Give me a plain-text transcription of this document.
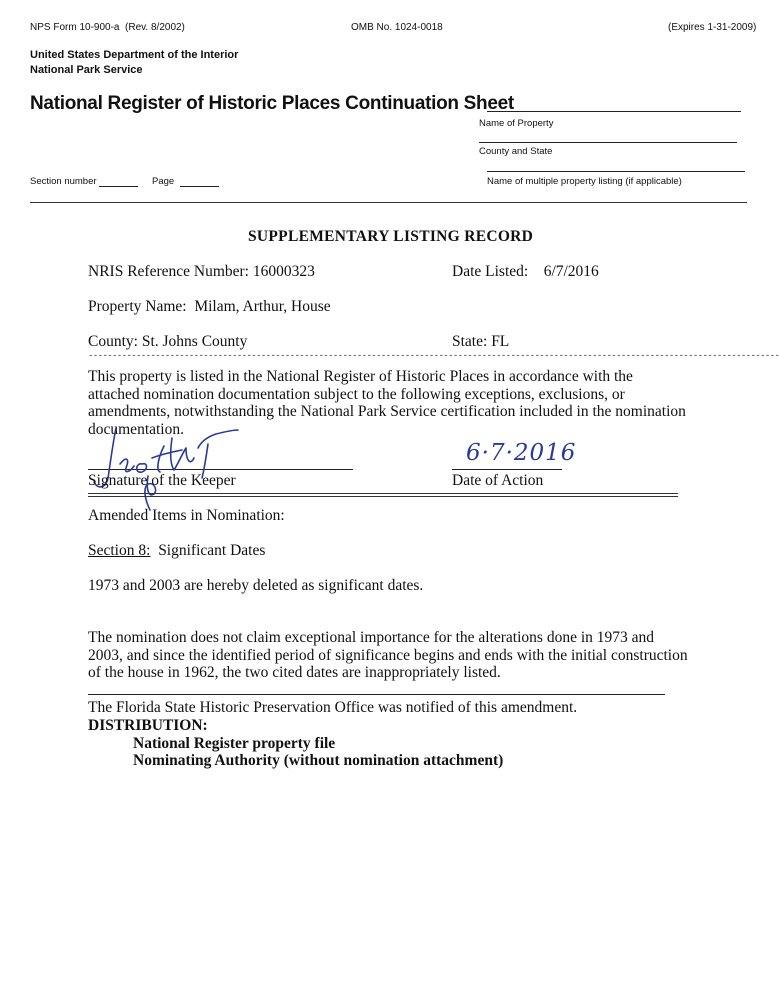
NPS Form 10-900-a (Rev. 8/2002)	OMB No. 1024-0018	(Expires 1-31-2009)
United States Department of the Interior
National Park Service
National Register of Historic Places Continuation Sheet
Name of Property
County and State
Name of multiple property listing (if applicable)
Section number	Page
SUPPLEMENTARY LISTING RECORD
NRIS Reference Number: 16000323	Date Listed: 6/7/2016
Property Name: Milam, Arthur, House
County: St. Johns County	State: FL
------------------------------------------------------------------------------------------------------------------------------------------------
This property is listed in the National Register of Historic Places in accordance with the attached nomination documentation subject to the following exceptions, exclusions, or amendments, notwithstanding the National Park Service certification included in the nomination documentation.
Signature of the Keeper
6·7·2016
Date of Action
Amended Items in Nomination:
Section 8: Significant Dates
1973 and 2003 are hereby deleted as significant dates.
The nomination does not claim exceptional importance for the alterations done in 1973 and 2003, and since the identified period of significance begins and ends with the initial construction of the house in 1962, the two cited dates are inappropriately listed.
The Florida State Historic Preservation Office was notified of this amendment.
DISTRIBUTION:
National Register property file
Nominating Authority (without nomination attachment)
